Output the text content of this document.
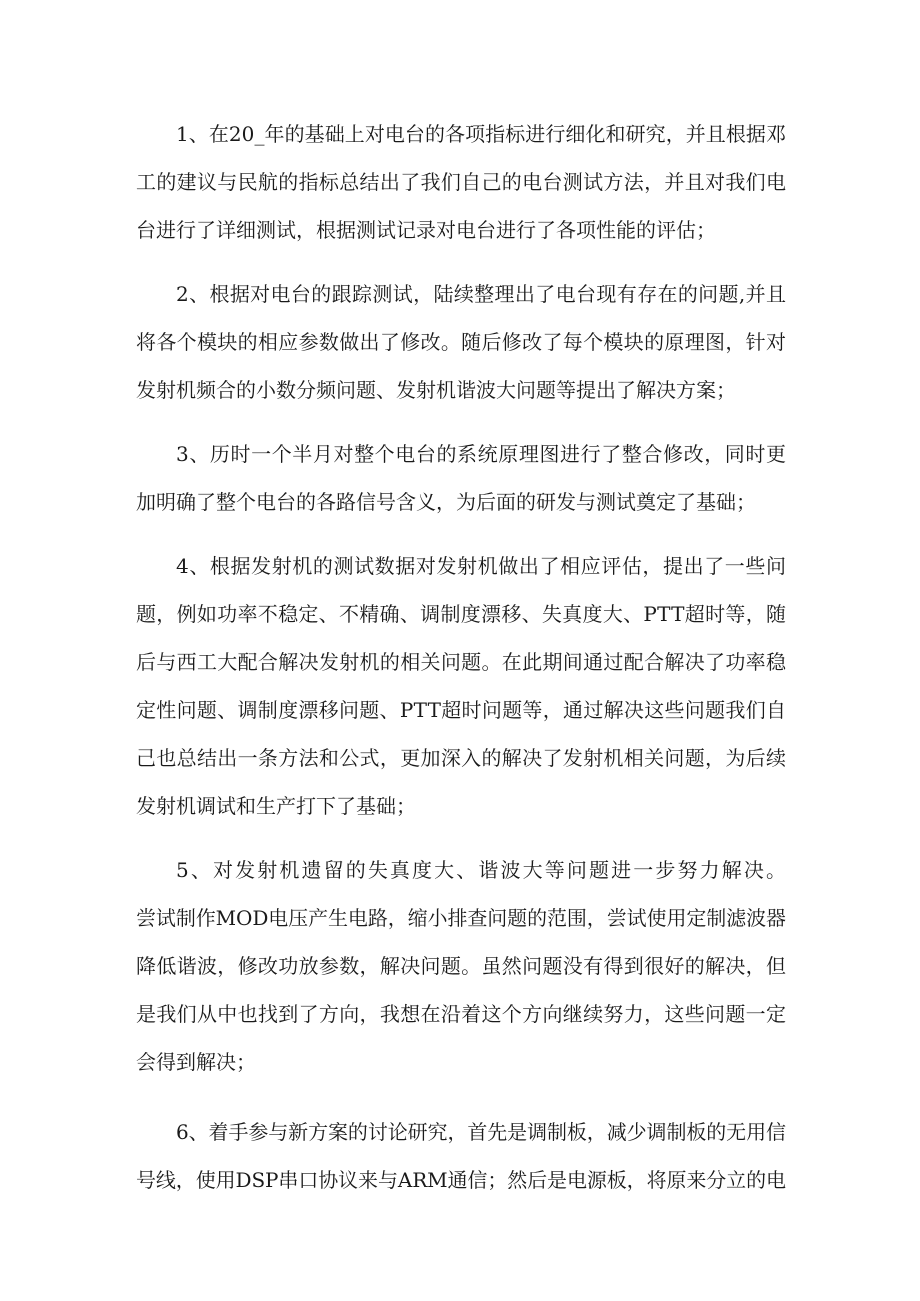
1、在20_年的基础上对电台的各项指标进行细化和研究，并且根据邓
工的建议与民航的指标总结出了我们自己的电台测试方法，并且对我们电
台进行了详细测试，根据测试记录对电台进行了各项性能的评估；
2、根据对电台的跟踪测试，陆续整理出了电台现有存在的问题,并且
将各个模块的相应参数做出了修改。随后修改了每个模块的原理图，针对
发射机频合的小数分频问题、发射机谐波大问题等提出了解决方案；
3、历时一个半月对整个电台的系统原理图进行了整合修改，同时更
加明确了整个电台的各路信号含义，为后面的研发与测试奠定了基础；
4、根据发射机的测试数据对发射机做出了相应评估，提出了一些问
题，例如功率不稳定、不精确、调制度漂移、失真度大、PTT超时等，随
后与西工大配合解决发射机的相关问题。在此期间通过配合解决了功率稳
定性问题、调制度漂移问题、PTT超时问题等，通过解决这些问题我们自
己也总结出一条方法和公式，更加深入的解决了发射机相关问题，为后续
发射机调试和生产打下了基础；
5、对发射机遗留的失真度大、谐波大等问题进一步努力解决。
尝试制作MOD电压产生电路，缩小排查问题的范围，尝试使用定制滤波器
降低谐波，修改功放参数，解决问题。虽然问题没有得到很好的解决，但
是我们从中也找到了方向，我想在沿着这个方向继续努力，这些问题一定
会得到解决；
6、着手参与新方案的讨论研究，首先是调制板，减少调制板的无用信
号线，使用DSP串口协议来与ARM通信；然后是电源板，将原来分立的电
